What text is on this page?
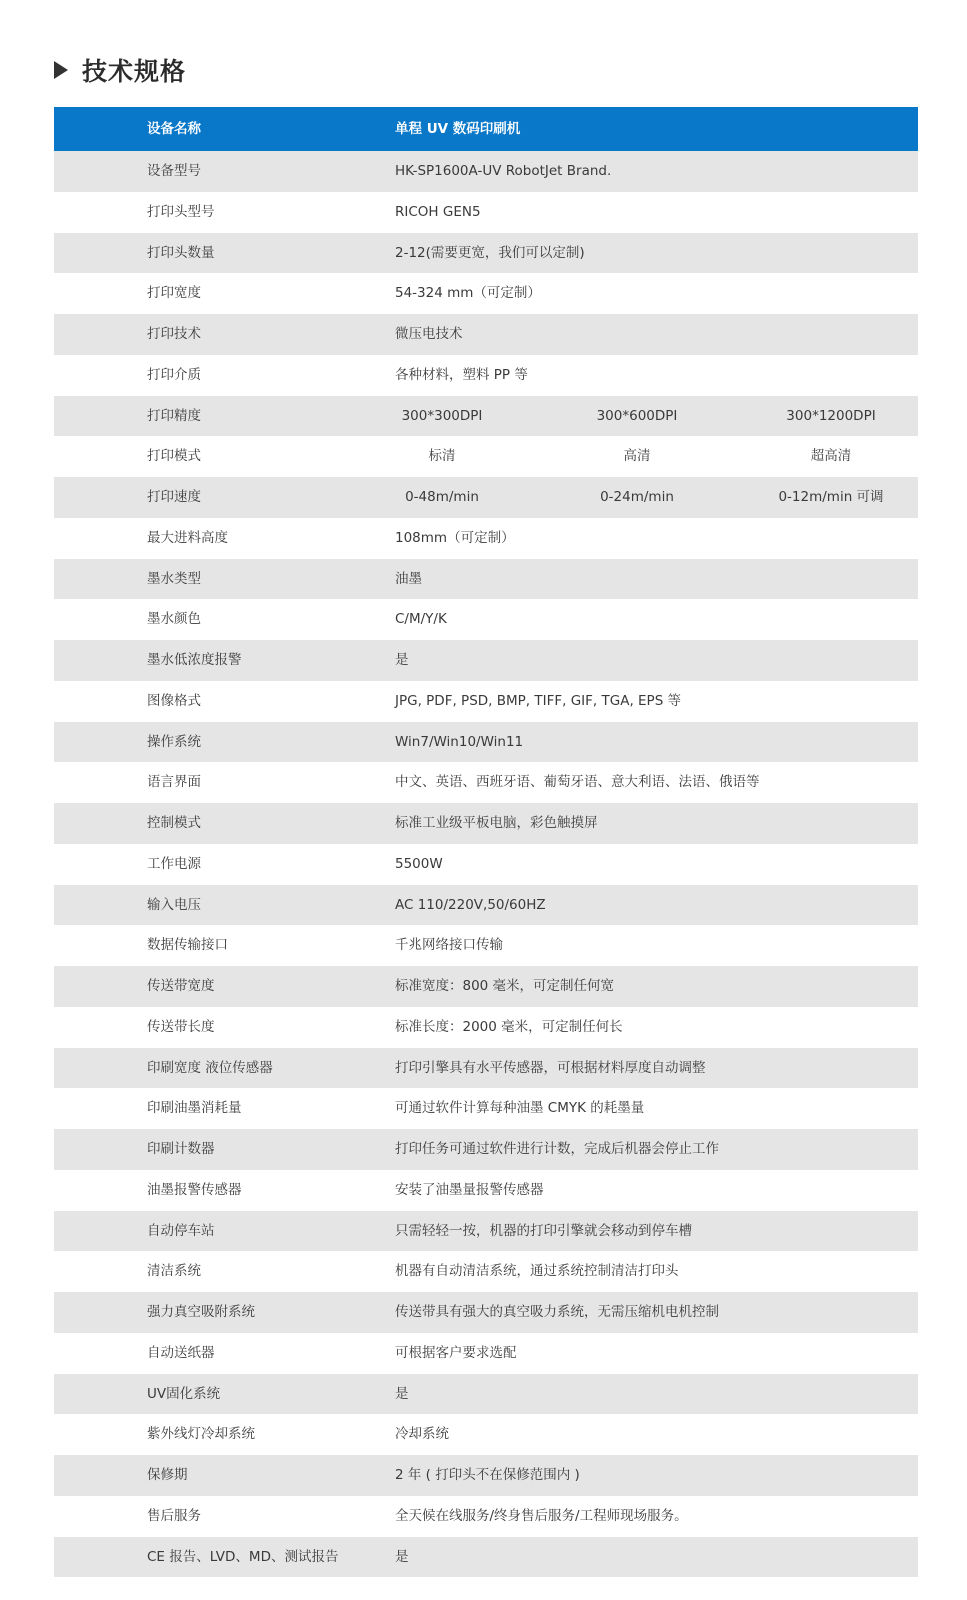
技术规格
设备名称	单程 UV 数码印刷机
设备型号	HK-SP1600A-UV RobotJet Brand.
打印头型号	RICOH GEN5
打印头数量	2-12(需要更宽，我们可以定制)
打印宽度	54-324 mm（可定制）
打印技术	微压电技术
打印介质	各种材料，塑料 PP 等
打印精度	300*300DPI	300*600DPI	300*1200DPI
打印模式	标清	高清	超高清
打印速度	0-48m/min	0-24m/min	0-12m/min 可调
最大进料高度	108mm（可定制）
墨水类型	油墨
墨水颜色	C/M/Y/K
墨水低浓度报警	是
图像格式	JPG, PDF, PSD, BMP, TIFF, GIF, TGA, EPS 等
操作系统	Win7/Win10/Win11
语言界面	中文、英语、西班牙语、葡萄牙语、意大利语、法语、俄语等
控制模式	标准工业级平板电脑，彩色触摸屏
工作电源	5500W
输入电压	AC 110/220V,50/60HZ
数据传输接口	千兆网络接口传输
传送带宽度	标准宽度：800 毫米，可定制任何宽
传送带长度	标准长度：2000 毫米，可定制任何长
印刷宽度 液位传感器	打印引擎具有水平传感器，可根据材料厚度自动调整
印刷油墨消耗量	可通过软件计算每种油墨 CMYK 的耗墨量
印刷计数器	打印任务可通过软件进行计数，完成后机器会停止工作
油墨报警传感器	安装了油墨量报警传感器
自动停车站	只需轻轻一按，机器的打印引擎就会移动到停车槽
清洁系统	机器有自动清洁系统，通过系统控制清洁打印头
强力真空吸附系统	传送带具有强大的真空吸力系统，无需压缩机电机控制
自动送纸器	可根据客户要求选配
UV固化系统	是
紫外线灯冷却系统	冷却系统
保修期	2 年 ( 打印头不在保修范围内 )
售后服务	全天候在线服务/终身售后服务/工程师现场服务。
CE 报告、LVD、MD、测试报告	是
